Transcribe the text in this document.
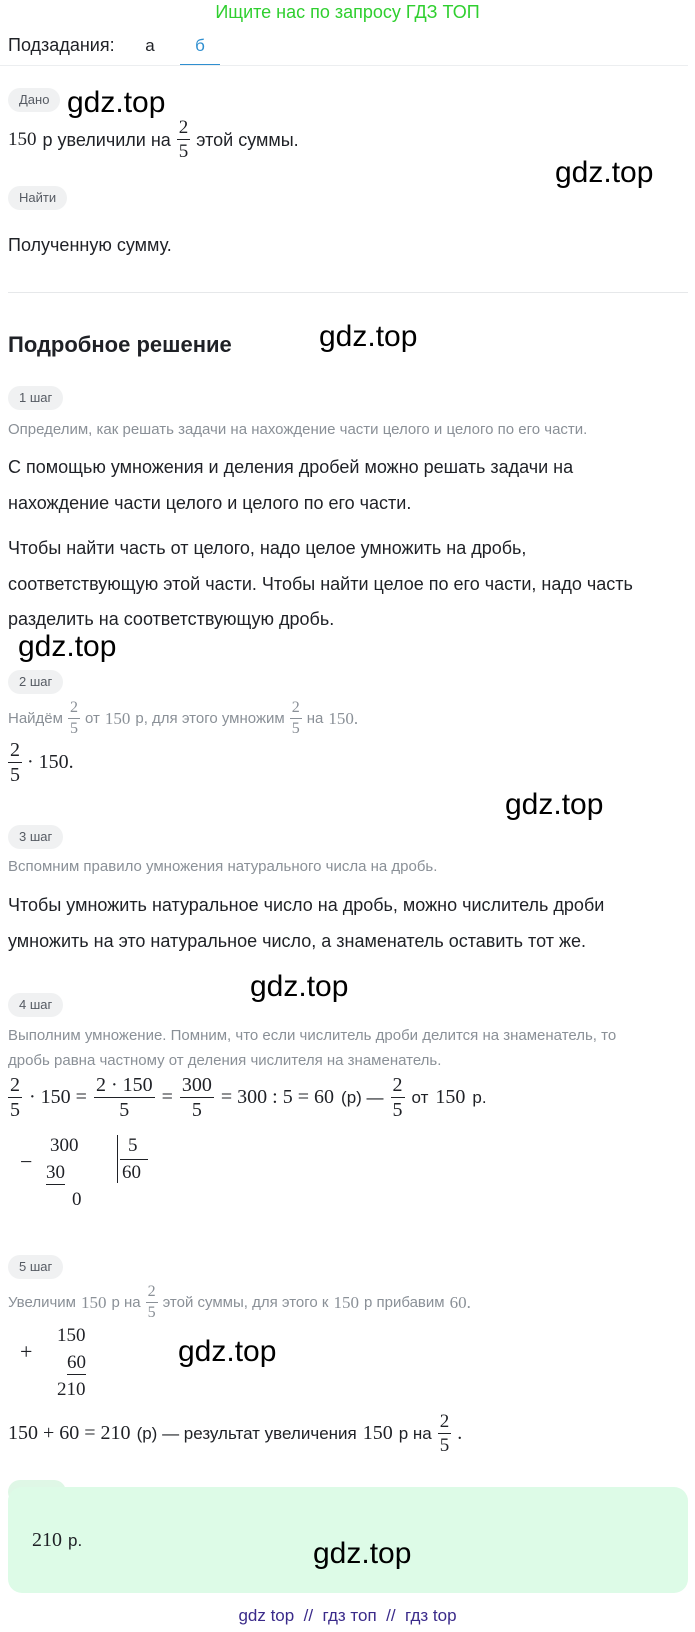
Ищите нас по запросу ГДЗ ТОП
Подзадания:	а	б
Дано gdz.top
150 р увеличили на $\frac{2}{5}$ этой суммы.
gdz.top
Найти
Полученную сумму.
Подробное решение	gdz.top
1 шаг
Определим, как решать задачи на нахождение части целого и целого по его части.
С помощью умножения и деления дробей можно решать задачи на
нахождение части целого и целого по его части.
Чтобы найти часть от целого, надо целое умножить на дробь,
соответствующую этой части. Чтобы найти целое по его части, надо часть
разделить на соответствующую дробь.
gdz.top
2 шаг
Найдём $\frac{2}{5}$ от 150 р, для этого умножим $\frac{2}{5}$ на 150.
$\frac{2}{5} \cdot 150$.
gdz.top
3 шаг
Вспомним правило умножения натурального числа на дробь.
Чтобы умножить натуральное число на дробь, можно числитель дроби
умножить на это натуральное число, а знаменатель оставить тот же.
gdz.top
4 шаг
Выполним умножение. Помним, что если числитель дроби делится на знаменатель, то
дробь равна частному от деления числителя на знаменатель.
$\frac{2}{5} \cdot 150 = \frac{2 \cdot 150}{5} = \frac{300}{5} = 300$ : 5 = 60 (р) — $\frac{2}{5}$ от 150 р.
−
300
30
0
5
60
5 шаг
Увеличим 150 р на $\frac{2}{5}$ этой суммы, для этого к 150 р прибавим 60.
+
150
60
210
gdz.top
150 + 60 = 210 (р) — результат увеличения 150 р на $\frac{2}{5}$ .
210 р.	gdz.top
gdz top  //  гдз топ  //  гдз top
